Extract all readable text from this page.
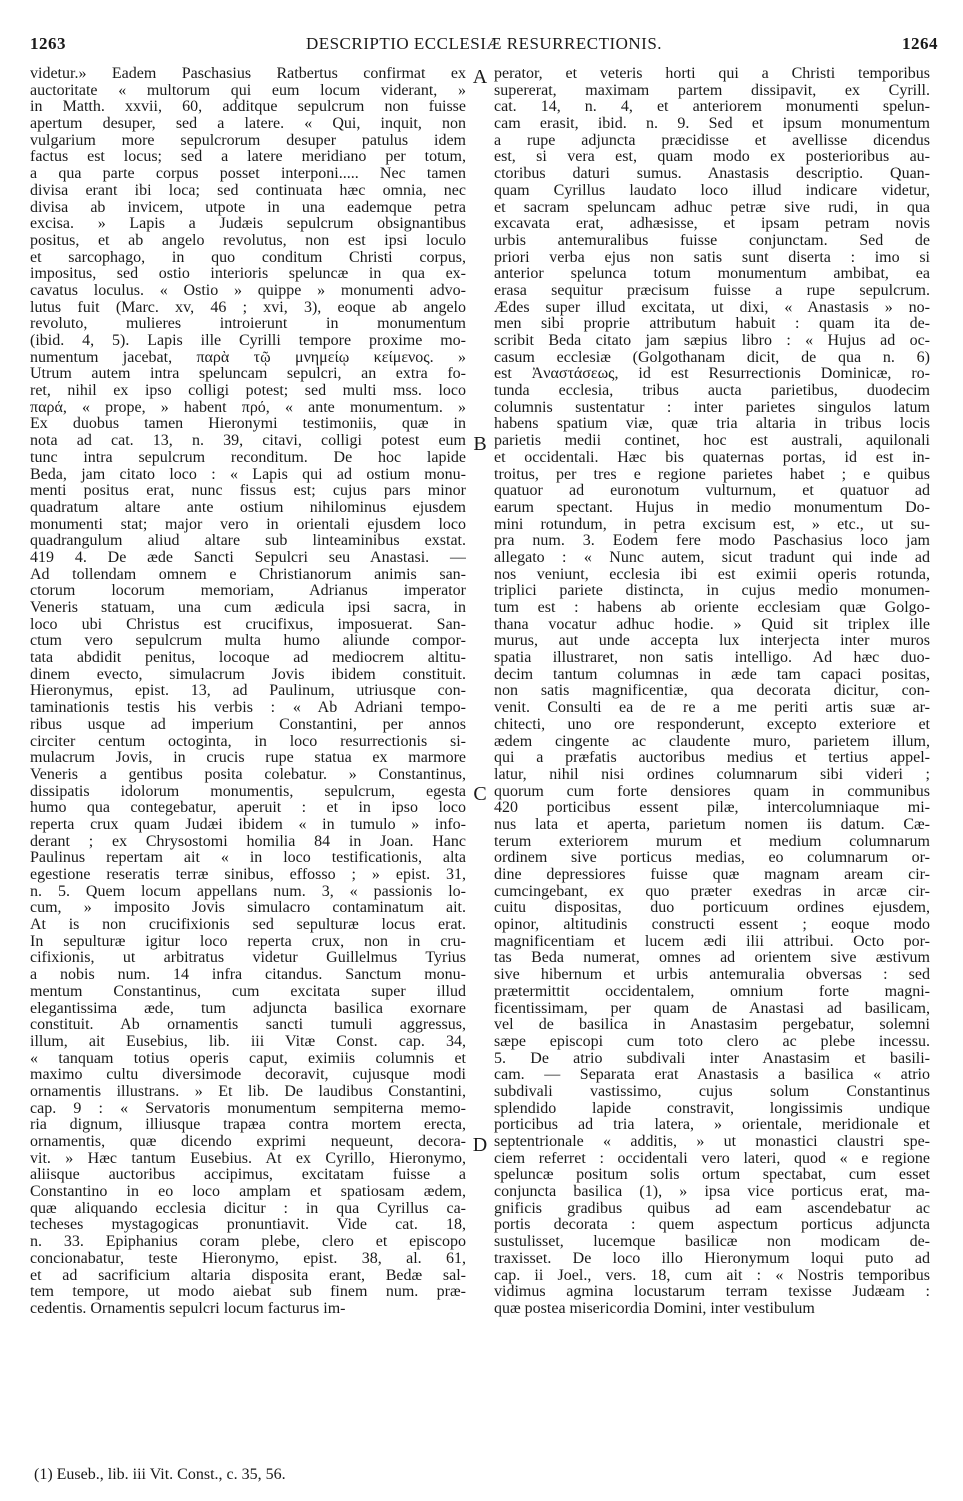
1263	DESCRIPTIO ECCLESIÆ RESURRECTIONIS.	1264
videtur.» Eadem Paschasius Ratbertus confirmat ex
auctoritate « multorum qui eum locum viderant, »
in Matth. xxvii, 60, additque sepulcrum non fuisse
apertum desuper, sed a latere. « Qui, inquit, non
vulgarium more sepulcrorum desuper patulus idem
factus est locus; sed a latere meridiano per totum,
a qua parte corpus posset interponi..... Nec tamen
divisa erant ibi loca; sed continuata hæc omnia, nec
divisa ab invicem, utpote in una eademque petra
excisa. » Lapis a Judæis sepulcrum obsignantibus
positus, et ab angelo revolutus, non est ipsi loculo
et sarcophago, in quo conditum Christi corpus,
impositus, sed ostio interioris speluncæ in qua ex-
cavatus loculus. « Ostio » quippe » monumenti advo-
lutus fuit (Marc. xv, 46 ; xvi, 3), eoque ab angelo
revoluto, mulieres introierunt in monumentum
(ibid. 4, 5). Lapis ille Cyrilli tempore proxime mo-
numentum jacebat, παρὰ τῷ μνημείῳ κείμενος. »
Utrum autem intra speluncam sepulcri, an extra fo-
ret, nihil ex ipso colligi potest; sed multi mss. loco
παρά, « prope, » habent πρό, « ante monumentum. »
Ex duobus tamen Hieronymi testimoniis, quæ in
nota ad cat. 13, n. 39, citavi, colligi potest eum
tunc intra sepulcrum reconditum. De hoc lapide
Beda, jam citato loco : « Lapis qui ad ostium monu-
menti positus erat, nunc fissus est; cujus pars minor
quadratum altare ante ostium nihilominus ejusdem
monumenti stat; major vero in orientali ejusdem loco
quadrangulum aliud altare sub linteaminibus exstat.
419 4. De æde Sancti Sepulcri seu Anastasi. —
Ad tollendam omnem e Christianorum animis san-
ctorum locorum memoriam, Adrianus imperator
Veneris statuam, una cum ædicula ipsi sacra, in
loco ubi Christus est crucifixus, imposuerat. San-
ctum vero sepulcrum multa humo aliunde compor-
tata abdidit penitus, locoque ad mediocrem altitu-
dinem evecto, simulacrum Jovis ibidem constituit.
Hieronymus, epist. 13, ad Paulinum, utriusque con-
taminationis testis his verbis : « Ab Adriani tempo-
ribus usque ad imperium Constantini, per annos
circiter centum octoginta, in loco resurrectionis si-
mulacrum Jovis, in crucis rupe statua ex marmore
Veneris a gentibus posita colebatur. » Constantinus,
dissipatis idolorum monumentis, sepulcrum, egesta
humo qua contegebatur, aperuit : et in ipso loco
reperta crux quam Judæi ibidem « in tumulo » info-
derant ; ex Chrysostomi homilia 84 in Joan. Hanc
Paulinus repertam ait « in loco testificationis, alta
egestione reseratis terræ sinibus, effosso ; » epist. 31,
n. 5. Quem locum appellans num. 3, « passionis lo-
cum, » imposito Jovis simulacro contaminatum ait.
At is non crucifixionis sed sepulturæ locus erat.
In sepulturæ igitur loco reperta crux, non in cru-
cifixionis, ut arbitratus videtur Guillelmus Tyrius
a nobis num. 14 infra citandus. Sanctum monu-
mentum Constantinus, cum excitata super illud
elegantissima æde, tum adjuncta basilica exornare
constituit. Ab ornamentis sancti tumuli aggressus,
illum, ait Eusebius, lib. iii Vitæ Const. cap. 34,
« tanquam totius operis caput, eximiis columnis et
maximo cultu diversimode decoravit, cujusque modi
ornamentis illustrans. » Et lib. De laudibus Constantini,
cap. 9 : « Servatoris monumentum sempiterna memo-
ria dignum, illiusque trapæa contra mortem erecta,
ornamentis, quæ dicendo exprimi nequeunt, decora-
vit. » Hæc tantum Eusebius. At ex Cyrillo, Hieronymo,
aliisque auctoribus accipimus, excitatam fuisse a
Constantino in eo loco amplam et spatiosam ædem,
quæ aliquando ecclesia dicitur : in qua Cyrillus ca-
techeses mystagogicas pronuntiavit. Vide cat. 18,
n. 33. Epiphanius coram plebe, clero et episcopo
concionabatur, teste Hieronymo, epist. 38, al. 61,
et ad sacrificium altaria disposita erant, Bedæ sal-
tem tempore, ut modo aiebat sub finem num. præ-
cedentis. Ornamentis sepulcri locum facturus im-
perator, et veteris horti qui a Christi temporibus
supererat, maximam partem dissipavit, ex Cyrill.
cat. 14, n. 4, et anteriorem monumenti spelun-
cam erasit, ibid. n. 9. Sed et ipsum monumentum
a rupe adjuncta præcidisse et avellisse dicendus
est, si vera est, quam modo ex posterioribus au-
ctoribus daturi sumus. Anastasis descriptio. Quan-
quam Cyrillus laudato loco illud indicare videtur,
et sacram speluncam adhuc petræ sive rudi, in qua
excavata erat, adhæsisse, et ipsam petram novis
urbis antemuralibus fuisse conjunctam. Sed de
priori verba ejus non satis sunt diserta : imo si
anterior spelunca totum monumentum ambibat, ea
erasa sequitur præcisum fuisse a rupe sepulcrum.
Ædes super illud excitata, ut dixi, « Anastasis » no-
men sibi proprie attributum habuit : quam ita de-
scribit Beda citato jam sæpius libro : « Hujus ad oc-
casum ecclesiæ (Golgothanam dicit, de qua n. 6)
est Ἀναστάσεως, id est Resurrectionis Dominicæ, ro-
tunda ecclesia, tribus aucta parietibus, duodecim
columnis sustentatur : inter parietes singulos latum
habens spatium viæ, quæ tria altaria in tribus locis
parietis medii continet, hoc est australi, aquilonali
et occidentali. Hæc bis quaternas portas, id est in-
troitus, per tres e regione parietes habet ; e quibus
quatuor ad euronotum vulturnum, et quatuor ad
earum spectant. Hujus in medio monumentum Do-
mini rotundum, in petra excisum est, » etc., ut su-
pra num. 3. Eodem fere modo Paschasius loco jam
allegato : « Nunc autem, sicut tradunt qui inde ad
nos veniunt, ecclesia ibi est eximii operis rotunda,
triplici pariete distincta, in cujus medio monumen-
tum est : habens ab oriente ecclesiam quæ Golgo-
thana vocatur adhuc hodie. » Quid sit triplex ille
murus, aut unde accepta lux interjecta inter muros
spatia illustraret, non satis intelligo. Ad hæc duo-
decim tantum columnas in æde tam capaci positas,
non satis magnificentiæ, qua decorata dicitur, con-
venit. Consulti ea de re a me periti artis suæ ar-
chitecti, uno ore responderunt, excepto exteriore et
ædem cingente ac claudente muro, parietem illum,
qui a præfatis auctoribus medius et tertius appel-
latur, nihil nisi ordines columnarum sibi videri ;
quorum cum forte densiores quam in communibus
420 porticibus essent pilæ, intercolumniaque mi-
nus lata et aperta, parietum nomen iis datum. Cæ-
terum exteriorem murum et medium columnarum
ordinem sive porticus medias, eo columnarum or-
dine depressiores fuisse quæ magnam aream cir-
cumcingebant, ex quo præter exedras in arcæ cir-
cuitu dispositas, duo porticuum ordines ejusdem,
opinor, altitudinis constructi essent ; eoque modo
magnificentiam et lucem ædi ilii attribui. Octo por-
tas Beda numerat, omnes ad orientem sive æstivum
sive hibernum et urbis antemuralia obversas : sed
prætermittit occidentalem, omnium forte magni-
ficentissimam, per quam de Anastasi ad basilicam,
vel de basilica in Anastasim pergebatur, solemni
sæpe episcopi cum toto clero ac plebe incessu.
5. De atrio subdivali inter Anastasim et basili-
cam. — Separata erat Anastasis a basilica « atrio
subdivali vastissimo, cujus solum Constantinus
splendido lapide constravit, longissimis undique
porticibus ad tria latera, » orientale, meridionale et
septentrionale « additis, » ut monastici claustri spe-
ciem referret : occidentali vero lateri, quod « e regione
speluncæ positum solis ortum spectabat, cum esset
conjuncta basilica (1), » ipsa vice porticus erat, ma-
gnificis gradibus quibus ad eam ascendebatur ac
portis decorata : quem aspectum porticus adjuncta
sustulisset, lucemque basilicæ non modicam de-
traxisset. De loco illo Hieronymum loqui puto ad
cap. ii Joel., vers. 18, cum ait : « Nostris temporibus
vidimus agmina locustarum terram texisse Judæam :
quæ postea misericordia Domini, inter vestibulum
A
B
C
D
(1) Euseb., lib. iii Vit. Const., c. 35, 56.
